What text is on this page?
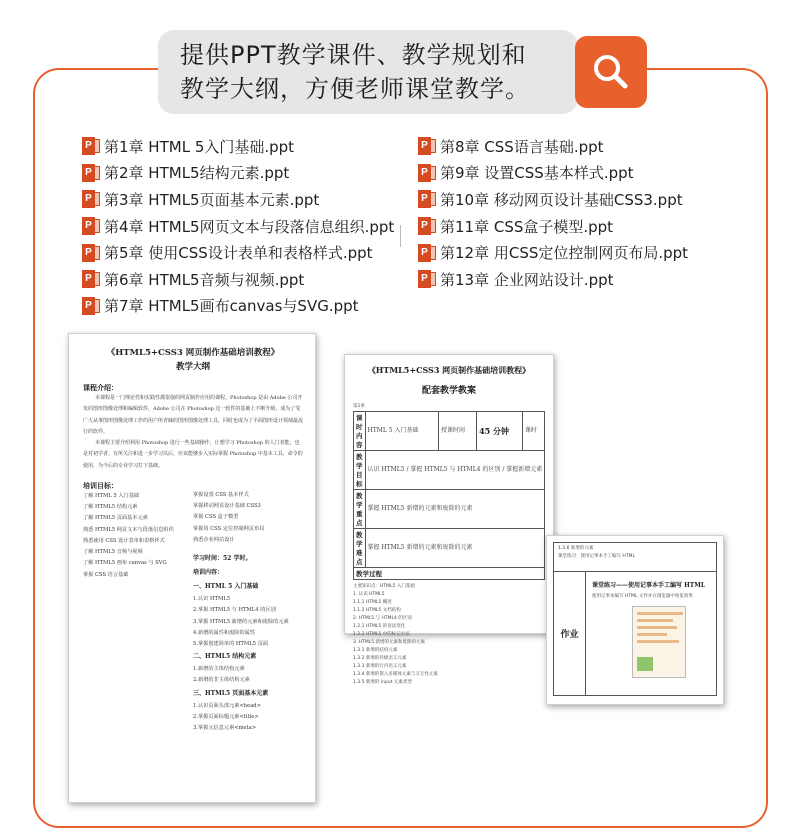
提供PPT教学课件、教学规划和
教学大纲，方便老师课堂教学。
P 第1章 HTML 5入门基础.ppt
P 第2章 HTML5结构元素.ppt
P 第3章 HTML5页面基本元素.ppt
P 第4章 HTML5网页文本与段落信息组织.ppt
P 第5章 使用CSS设计表单和表格样式.ppt
P 第6章 HTML5音频与视频.ppt
P 第7章 HTML5画布canvas与SVG.ppt
P 第8章 CSS语言基础.ppt
P 第9章 设置CSS基本样式.ppt
P 第10章 移动网页设计基础CSS3.ppt
P 第11章 CSS盒子模型.ppt
P 第12章 用CSS定位控制网页布局.ppt
P 第13章 企业网站设计.ppt
《HTML5+CSS3 网页制作基础培训教程》
教学大纲
课程介绍：
本课程是一门理论性和实践性都很强的网页制作应用的课程。Photoshop 是由 Adobe 公司开发的图形图像处理和编辑软件，Adobe 公司在 Photoshop 这一软件的基础上不断升级，成为了受广大从事图形图像处理工作的用户所青睐的图形图像处理工具，同时也成为了平面图形设计领域最流行的软件。
本课程主要介绍利用 Photoshop 进行一些基础操作，让想学习 Photoshop 的人门者能，也是对初学者、有所关注和进一步学习以后，应该能够步入实际掌握 Photoshop 中基本工具、命令的使用，为今后的专业学习打下基础。
培训目标：
了解 HTML 5 入门基础
了解 HTML5 结构元素
了解 HTML5 页面基本元素
熟悉 HTML5 网页文本与段落信息组织
熟悉使用 CSS 设计表单和表格样式
了解 HTML5 音频与视频
了解 HTML5 画布 canvas 与 SVG
掌握 CSS 语言基础
掌握设置 CSS 基本样式
掌握移动网页设计基础 CSS3
掌握 CSS 盒子模型
掌握用 CSS 定位控制网页布局
熟悉企业网站设计
学习时间：52 学时。
培训内容：
一、HTML 5 入门基础
1.认识 HTML5
2.掌握 HTML5 与 HTML4 的区别
3.掌握 HTML5 新增的元素和废除的元素
4.新增的属性和废除的属性
5.掌握创建简单的 HTML5 页面
二、HTML5 结构元素
1.新增的主体结构元素
2.新增的非主体结构元素
三、HTML5 页面基本元素
1.认识页面头部元素<head>
2.掌握页面标题元素<title>
3.掌握元信息元素<meta>
《HTML5+CSS3 网页制作基础培训教程》
配套教学教案
第1讲
课时内容	HTML 5 入门基础	授课时间	45 分钟	课时
教学目标	认识 HTML5 / 掌握 HTML5 与 HTML4 的区别 / 掌握新增元素			
教学重点	掌握 HTML5 新增的元素和废除的元素			
教学难点	掌握 HTML5 新增的元素和废除的元素			
教学过程				
主要知识点：HTML5 入门基础
1. 认识 HTML5
1.1.1 HTML5 概述
1.1.2 HTML5 文档结构
2. HTML5 与 HTML4 的区别
1.2.1 HTML5 的语法变化
1.2.2 HTML5 中的标记方法
3. HTML5 新增的元素和废除的元素
1.3.1 新增的结构元素
1.3.2 新增的块级语义元素
1.3.3 新增的行内语义元素
1.3.4 新增的嵌入多媒体元素与交互性元素
1.3.5 新增的 input 元素类型
1.3.6 新增的元素
课堂练习：使用记事本手工编写 HTML
作业
课堂练习——使用记事本手工编写 HTML
使用记事本编写 HTML 文件并在浏览器中预览效果
